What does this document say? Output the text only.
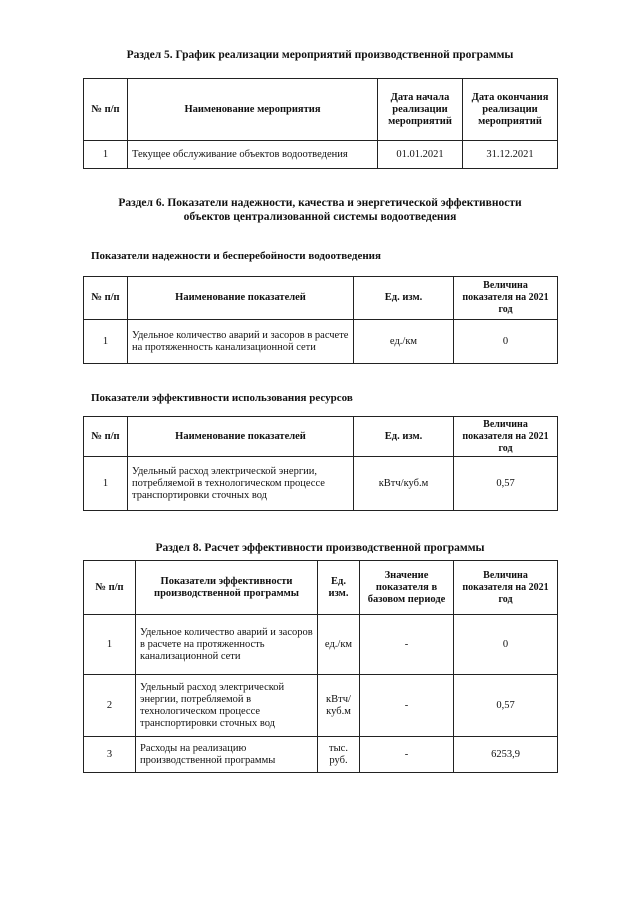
Раздел 5. График реализации мероприятий производственной программы
№ п/п	Наименование мероприятия	Дата начала реализации мероприятий	Дата окончания реализации мероприятий
1	Текущее обслуживание объектов водоотведения	01.01.2021	31.12.2021
Раздел 6. Показатели надежности, качества и энергетической эффективности
объектов централизованной системы водоотведения
Показатели надежности и бесперебойности водоотведения
№ п/п	Наименование показателей	Ед. изм.	Величина показателя на 2021 год
1	Удельное количество аварий и засоров в расчете на протяженность канализационной сети	ед./км	0
Показатели эффективности использования ресурсов
№ п/п	Наименование показателей	Ед. изм.	Величина показателя на 2021 год
1	Удельный расход электрической энергии, потребляемой в технологическом процессе транспортировки сточных вод	кВтч/куб.м	0,57
Раздел 8. Расчет эффективности производственной программы
№ п/п	Показатели эффективности производственной программы	Ед. изм.	Значение показателя в базовом периоде	Величина показателя на 2021 год
1	Удельное количество аварий и засоров в расчете на протяженность канализационной сети	ед./км	-	0
2	Удельный расход электрической энергии, потребляемой в технологическом процессе транспортировки сточных вод	кВтч/ куб.м	-	0,57
3	Расходы на реализацию производственной программы	тыс. руб.	-	6253,9
